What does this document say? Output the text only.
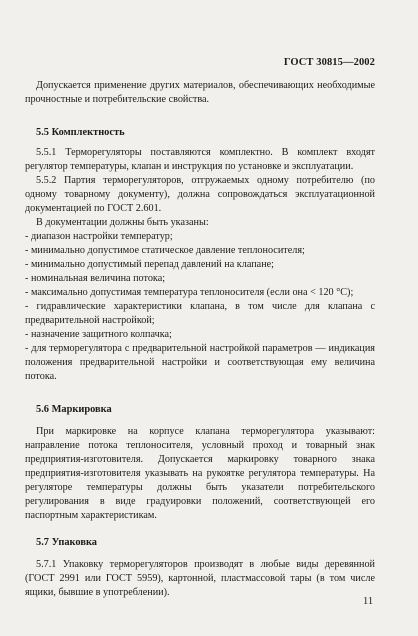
ГОСТ 30815—2002

Допускается применение других материалов, обеспечивающих необходимые прочностные и потребительские свойства.

5.5 Комплектность

5.5.1 Терморегуляторы поставляются комплектно. В комплект входят регулятор температуры, клапан и инструкция по установке и эксплуатации.

5.5.2 Партия терморегуляторов, отгружаемых одному потребителю (по одному товарному документу), должна сопровождаться эксплуатационной документацией по ГОСТ 2.601.

В документации должны быть указаны:

- диапазон настройки температур;

- минимально допустимое статическое давление теплоносителя;

- минимально допустимый перепад давлений на клапане;

- номинальная величина потока;

- максимально допустимая температура теплоносителя (если она < 120 °С);

- гидравлические характеристики клапана, в том числе для клапана с предварительной настройкой;

- назначение защитного колпачка;

- для терморегулятора с предварительной настройкой параметров — индикация положения предварительной настройки и соответствующая ему величина потока.

5.6 Маркировка

При маркировке на корпусе клапана терморегулятора указывают: направление потока теплоносителя, условный проход и товарный знак предприятия-изготовителя. Допускается маркировку товарного знака предприятия-изготовителя указывать на рукоятке регулятора температуры. На регуляторе температуры должны быть указатели потребительского регулирования в виде градуировки положений, соответствующей его паспортным характеристикам.

5.7 Упаковка

5.7.1 Упаковку терморегуляторов производят в любые виды деревянной (ГОСТ 2991 или ГОСТ 5959), картонной, пластмассовой тары (в том числе ящики, бывшие в употреблении).

11
